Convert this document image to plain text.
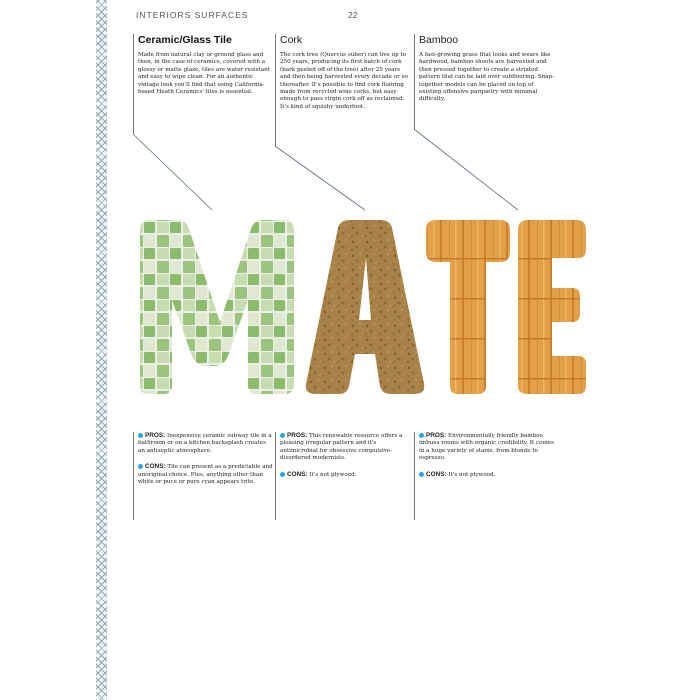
INTERIORS SURFACES	22
Ceramic/Glass Tile

Made from natural clay or ground glass and then, in the case of ceramics, covered with a glossy or matte glaze, tiles are water resistant and easy to wipe clean. For an authentic vintage look you'll find that using California-based Heath Ceramics' tiles is essential.

Cork

The cork tree (Quercus suber) can live up to 250 years, producing its first batch of cork (bark peeled off of the tree) after 25 years and then being harvested every decade or so thereafter. It's possible to find cork flooring made from recycled wine corks, but easy enough to pass virgin cork off as reclaimed. It's kind of squishy underfoot.

Bamboo

A fast-growing grass that looks and wears like hardwood, bamboo shoots are harvested and then pressed together to create a striated pattern that can be laid over subflooring. Snap-together models can be placed on top of existing offensive parquetry with minimal difficulty.

PROS: Inexpensive ceramic subway tile in a bathroom or on a kitchen backsplash creates an antiseptic atmosphere.

CONS: Tile can present as a predictable and unoriginal choice. Plus, anything other than white or puce or pure cyan appears trite.

PROS: This renewable resource offers a pleasing irregular pattern and it's antimicrobial for obsessive compulsive-disordered modernists.

CONS: It's not plywood.

PROS: Environmentally friendly bamboo imbues rooms with organic credibility. It comes in a huge variety of stains, from blonde to espresso.

CONS: It's not plywood.
